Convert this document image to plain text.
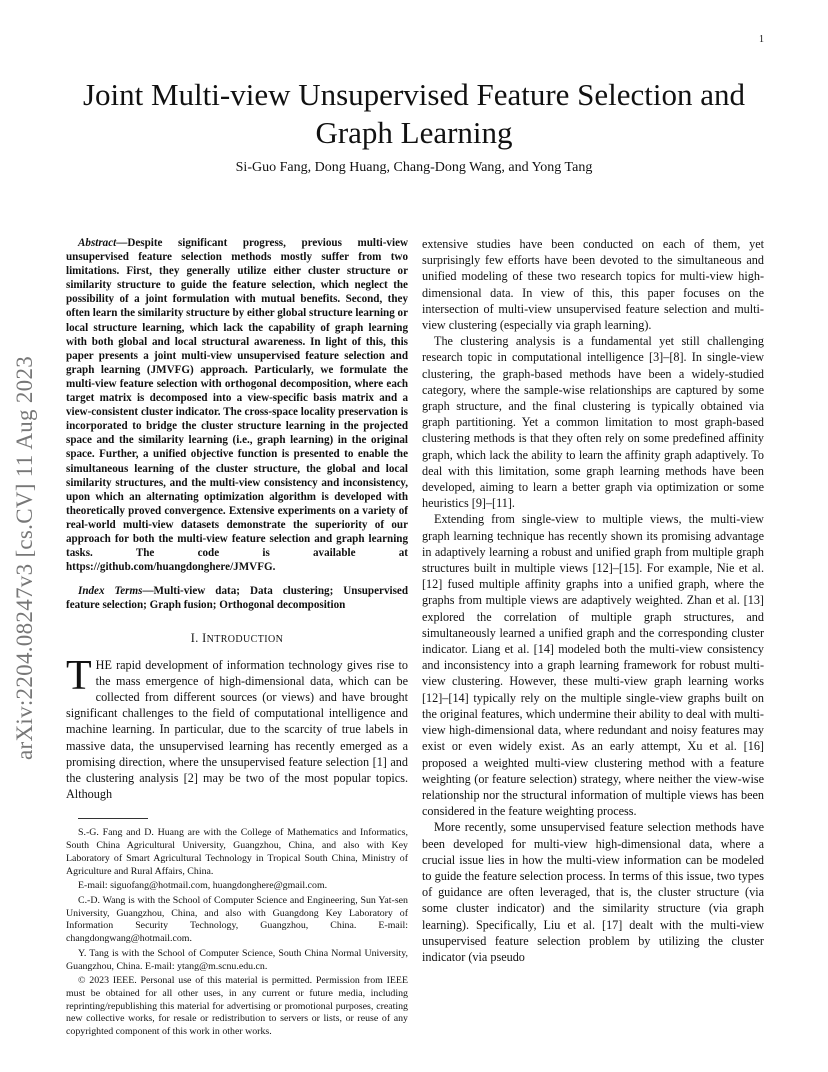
1
arXiv:2204.08247v3 [cs.CV] 11 Aug 2023
Joint Multi-view Unsupervised Feature Selection and Graph Learning
Si-Guo Fang, Dong Huang, Chang-Dong Wang, and Yong Tang

Abstract—Despite significant progress, previous multi-view unsupervised feature selection methods mostly suffer from two limitations. First, they generally utilize either cluster structure or similarity structure to guide the feature selection, which neglect the possibility of a joint formulation with mutual benefits. Second, they often learn the similarity structure by either global structure learning or local structure learning, which lack the capability of graph learning with both global and local structural awareness. In light of this, this paper presents a joint multi-view unsupervised feature selection and graph learning (JMVFG) approach. Particularly, we formulate the multi-view feature selection with orthogonal decomposition, where each target matrix is decomposed into a view-specific basis matrix and a view-consistent cluster indicator. The cross-space locality preservation is incorporated to bridge the cluster structure learning in the projected space and the similarity learning (i.e., graph learning) in the original space. Further, a unified objective function is presented to enable the simultaneous learning of the cluster structure, the global and local similarity structures, and the multi-view consistency and inconsistency, upon which an alternating optimization algorithm is developed with theoretically proved convergence. Extensive experiments on a variety of real-world multi-view datasets demonstrate the superiority of our approach for both the multi-view feature selection and graph learning tasks. The code is available at https://github.com/huangdonghere/JMVFG.

Index Terms—Multi-view data; Data clustering; Unsupervised feature selection; Graph fusion; Orthogonal decomposition

I. INTRODUCTION

THE rapid development of information technology gives rise to the mass emergence of high-dimensional data, which can be collected from different sources (or views) and have brought significant challenges to the field of computational intelligence and machine learning. In particular, due to the scarcity of true labels in massive data, the unsupervised learning has recently emerged as a promising direction, where the unsupervised feature selection [1] and the clustering analysis [2] may be two of the most popular topics. Although

S.-G. Fang and D. Huang are with the College of Mathematics and Informatics, South China Agricultural University, Guangzhou, China, and also with Key Laboratory of Smart Agricultural Technology in Tropical South China, Ministry of Agriculture and Rural Affairs, China.

E-mail: siguofang@hotmail.com, huangdonghere@gmail.com.

C.-D. Wang is with the School of Computer Science and Engineering, Sun Yat-sen University, Guangzhou, China, and also with Guangdong Key Laboratory of Information Security Technology, Guangzhou, China. E-mail: changdongwang@hotmail.com.

Y. Tang is with the School of Computer Science, South China Normal University, Guangzhou, China. E-mail: ytang@m.scnu.edu.cn.

© 2023 IEEE. Personal use of this material is permitted. Permission from IEEE must be obtained for all other uses, in any current or future media, including reprinting/republishing this material for advertising or promotional purposes, creating new collective works, for resale or redistribution to servers or lists, or reuse of any copyrighted component of this work in other works.

extensive studies have been conducted on each of them, yet surprisingly few efforts have been devoted to the simultaneous and unified modeling of these two research topics for multi-view high-dimensional data. In view of this, this paper focuses on the intersection of multi-view unsupervised feature selection and multi-view clustering (especially via graph learning).

The clustering analysis is a fundamental yet still challenging research topic in computational intelligence [3]–[8]. In single-view clustering, the graph-based methods have been a widely-studied category, where the sample-wise relationships are captured by some graph structure, and the final clustering is typically obtained via graph partitioning. Yet a common limitation to most graph-based clustering methods is that they often rely on some predefined affinity graph, which lack the ability to learn the affinity graph adaptively. To deal with this limitation, some graph learning methods have been developed, aiming to learn a better graph via optimization or some heuristics [9]–[11].

Extending from single-view to multiple views, the multi-view graph learning technique has recently shown its promising advantage in adaptively learning a robust and unified graph from multiple graph structures built in multiple views [12]–[15]. For example, Nie et al. [12] fused multiple affinity graphs into a unified graph, where the graphs from multiple views are adaptively weighted. Zhan et al. [13] explored the correlation of multiple graph structures, and simultaneously learned a unified graph and the corresponding cluster indicator. Liang et al. [14] modeled both the multi-view consistency and inconsistency into a graph learning framework for robust multi-view clustering. However, these multi-view graph learning works [12]–[14] typically rely on the multiple single-view graphs built on the original features, which undermine their ability to deal with multi-view high-dimensional data, where redundant and noisy features may exist or even widely exist. As an early attempt, Xu et al. [16] proposed a weighted multi-view clustering method with a feature weighting (or feature selection) strategy, where neither the view-wise relationship nor the structural information of multiple views has been considered in the feature weighting process.

More recently, some unsupervised feature selection methods have been developed for multi-view high-dimensional data, where a crucial issue lies in how the multi-view information can be modeled to guide the feature selection process. In terms of this issue, two types of guidance are often leveraged, that is, the cluster structure (via some cluster indicator) and the similarity structure (via graph learning). Specifically, Liu et al. [17] dealt with the multi-view unsupervised feature selection problem by utilizing the cluster indicator (via pseudo
